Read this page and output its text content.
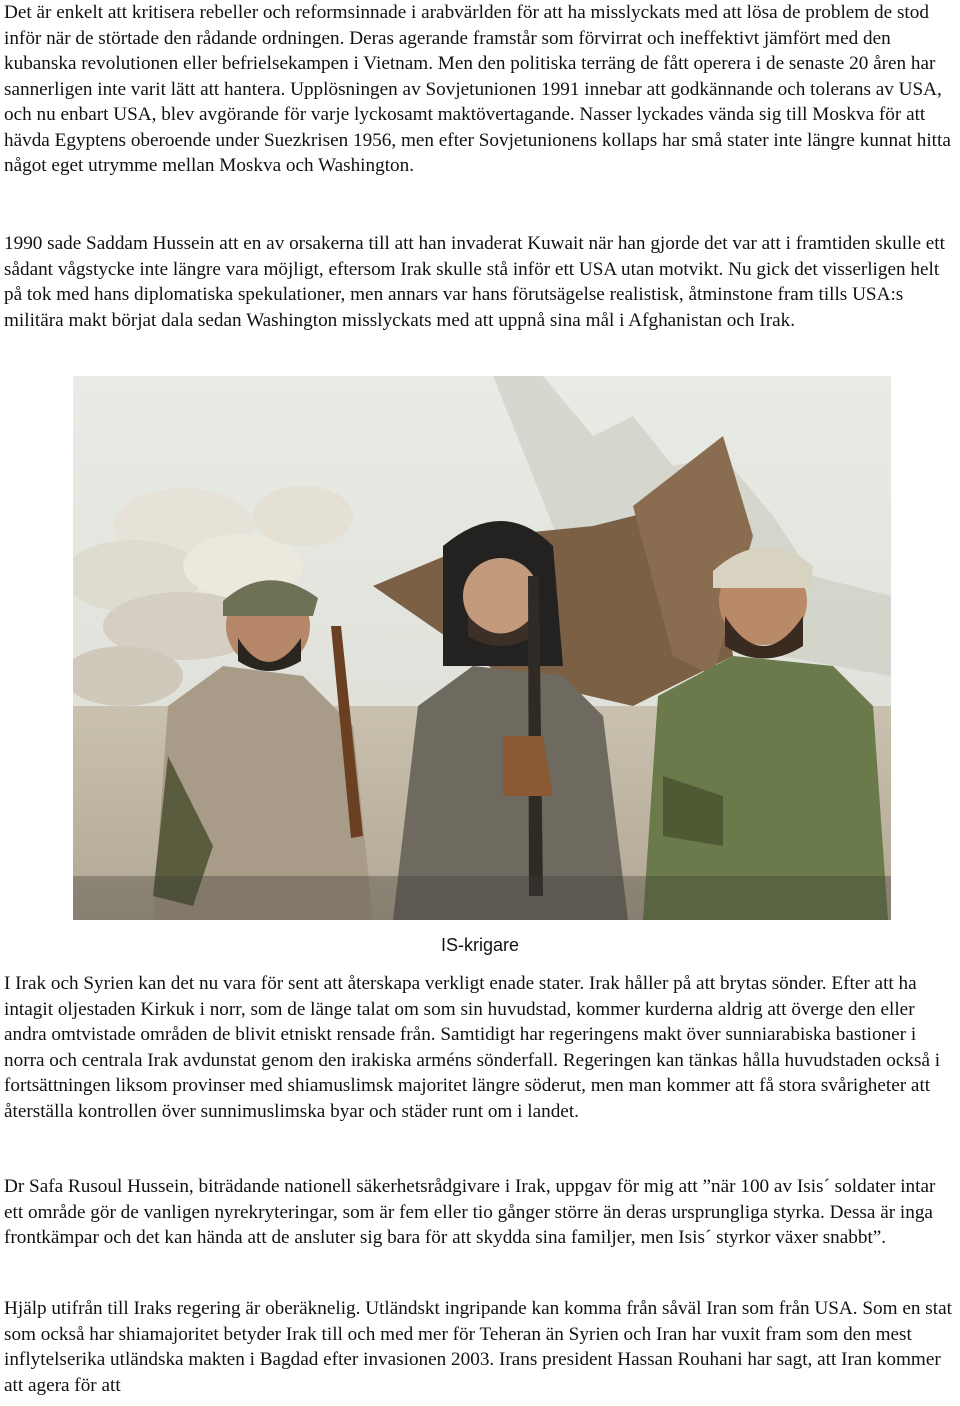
Det är enkelt att kritisera rebeller och reformsinnade i arabvärlden för att ha misslyckats med att lösa de problem de stod inför när de störtade den rådande ordningen. Deras agerande framstår som förvirrat och ineffektivt jämfört med den kubanska revolutionen eller befrielsekampen i Vietnam. Men den politiska terräng de fått operera i de senaste 20 åren har sannerligen inte varit lätt att hantera. Upplösningen av Sovjetunionen 1991 innebar att godkännande och tolerans av USA, och nu enbart USA, blev avgörande för varje lyckosamt maktövertagande. Nasser lyckades vända sig till Moskva för att hävda Egyptens oberoende under Suezkrisen 1956, men efter Sovjetunionens kollaps har små stater inte längre kunnat hitta något eget utrymme mellan Moskva och Washington.

1990 sade Saddam Hussein att en av orsakerna till att han invaderat Kuwait när han gjorde det var att i framtiden skulle ett sådant vågstycke inte längre vara möjligt, eftersom Irak skulle stå inför ett USA utan motvikt. Nu gick det visserligen helt på tok med hans diplomatiska spekulationer, men annars var hans förutsägelse realistisk, åtminstone fram tills USA:s militära makt börjat dala sedan Washington misslyckats med att uppnå sina mål i Afghanistan och Irak.

IS-krigare

I Irak och Syrien kan det nu vara för sent att återskapa verkligt enade stater. Irak håller på att brytas sönder. Efter att ha intagit oljestaden Kirkuk i norr, som de länge talat om som sin huvudstad, kommer kurderna aldrig att överge den eller andra omtvistade områden de blivit etniskt rensade från. Samtidigt har regeringens makt över sunniarabiska bastioner i norra och centrala Irak avdunstat genom den irakiska arméns sönderfall. Regeringen kan tänkas hålla huvudstaden också i fortsättningen liksom provinser med shiamuslimsk majoritet längre söderut, men man kommer att få stora svårigheter att återställa kontrollen över sunnimuslimska byar och städer runt om i landet.

Dr Safa Rusoul Hussein, biträdande nationell säkerhetsrådgivare i Irak, uppgav för mig att ”när 100 av Isis´ soldater intar ett område gör de vanligen nyrekryteringar, som är fem eller tio gånger större än deras ursprungliga styrka. Dessa är inga frontkämpar och det kan hända att de ansluter sig bara för att skydda sina familjer, men Isis´ styrkor växer snabbt”.

Hjälp utifrån till Iraks regering är oberäknelig. Utländskt ingripande kan komma från såväl Iran som från USA. Som en stat som också har shiamajoritet betyder Irak till och med mer för Teheran än Syrien och Iran har vuxit fram som den mest inflytelserika utländska makten i Bagdad efter invasionen 2003. Irans president Hassan Rouhani har sagt, att Iran kommer att agera för att
